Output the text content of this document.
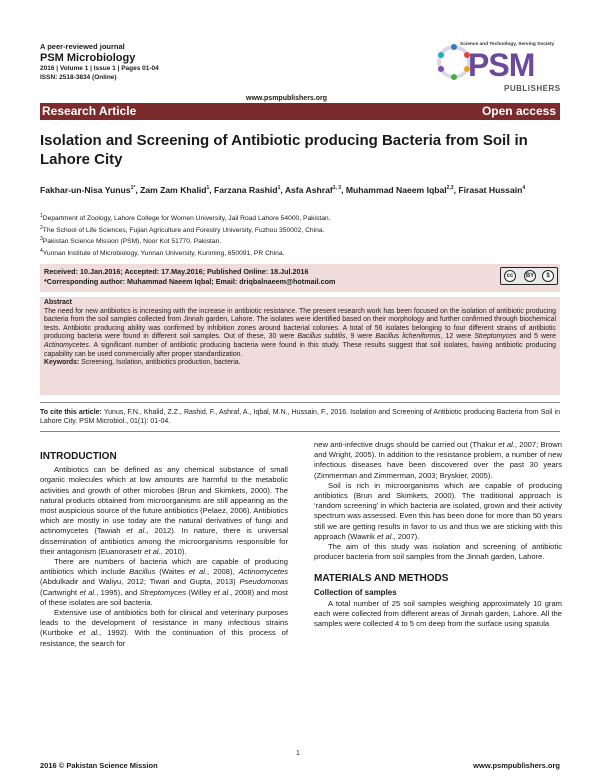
A peer-reviewed journal
PSM Microbiology
2016 | Volume 1 | Issue 1 | Pages 01-04
ISSN: 2518-3834 (Online)
Science and Technology, Serving Society
PSM
PUBLISHERS
www.psmpublishers.org
Research Article	Open access
Isolation and Screening of Antibiotic producing Bacteria from Soil in Lahore City
Fakhar-un-Nisa Yunus$^{1*}$, Zam Zam Khalid$^1$, Farzana Rashid$^1$, Asfa Ashraf$^{1, 3}$, Muhammad Naeem Iqbal$^{2,3}$, Firasat Hussain$^4$
$^1$Department of Zoology, Lahore College for Women University, Jail Road Lahore 54000, Pakistan.
$^2$The School of Life Sciences, Fujian Agriculture and Forestry University, Fuzhou 350002, China.
$^3$Pakistan Science Mission (PSM), Noor Kot 51770, Pakistan.
$^4$Yunnan Institute of Microbiology, Yunnan University, Kunming, 650091, PR China.
Received: 10.Jan.2016; Accepted: 17.May.2016; Published Online: 18.Jul.2016
*Corresponding author: Muhammad Naeem Iqbal; Email: driqbalnaeem@hotmail.com
cc	BY	$
Abstract
The need for new antibiotics is increasing with the increase in antibiotic resistance. The present research work has been focused on the isolation of antibiotic producing bacteria from the soil samples collected from Jinnah garden, Lahore. The isolates were identified based on their morphology and further confirmed through biochemical tests. Antibiotic producing ability was confirmed by inhibition zones around bacterial colonies. A total of 56 isolates belonging to four different strains of antibiotic producing bacteria were found in different soil samples. Out of these, 30 were Bacillus subtilis, 9 were Bacillus licheniformis, 12 were Streptomyces and 5 were Actinomycetes. A significant number of antibiotic producing bacteria were found in this study. These results suggest that soil isolates, having antibiotic producing capability can be used commercially after proper standardization.
Keywords: Screening, Isolation, antibiotics production, bacteria.
To cite this article: Yunus, F.N., Khalid, Z.Z., Rashid, F., Ashraf, A., Iqbal, M.N., Hussain, F., 2016. Isolation and Screening of Antibiotic producing Bacteria from Soil in Lahore City. PSM Microbiol., 01(1): 01-04.
INTRODUCTION

Antibiotics can be defined as any chemical substance of small organic molecules which at low amounts are harmful to the metabolic activities and growth of other microbes (Brun and Skimkets, 2000). The natural products obtained from microorganisms are still appearing as the most auspicious source of the future antibiotics (Pelaez, 2006). Antibiotics which are mostly in use today are the natural derivatives of fungi and actinomycetes (Tawiah et al., 2012). In nature, there is universal dissemination of antibiotics among the microorganisms responsible for their antagonism (Euanorasetr et al., 2010).

There are numbers of bacteria which are capable of producing antibiotics which include Bacillus (Waites et al., 2008), Actinomycetes (Abdulkadir and Waliyu, 2012; Tiwari and Gupta, 2013) Pseudomonas (Cartwright et al., 1995), and Streptomyces (Willey et al., 2008) and most of these isolates are soil bacteria.

Extensive use of antibiotics both for clinical and veterinary purposes leads to the development of resistance in many infectious strains (Kurtboke et al., 1992). With the continuation of this process of resistance, the search for

new anti-infective drugs should be carried out (Thakur et al., 2007; Brown and Wright, 2005). In addition to the resistance problem, a number of new infectious diseases have been discovered over the past 30 years (Zimmerman and Zimmerman, 2003; Bryskier, 2005).

Soil is rich in microorganisms which are capable of producing antibiotics (Brun and Skimkets, 2000). The traditional approach is ‘random screening’ in which bacteria are isolated, grown and their activity spectrum was assessed. Even this has been done for more than 50 years still we are getting results in favor to us and thus we are sticking with this approach (Wawrik et al., 2007).

The aim of this study was isolation and screening of antibiotic producer bacteria from soil samples from the Jinnah garden, Lahore.

MATERIALS AND METHODS
Collection of samples

A total number of 25 soil samples weighing approximately 10 gram each were collected from different areas of Jinnah garden, Lahore. All the samples were collected 4 to 5 cm deep from the surface using spatula

1
2016 © Pakistan Science Mission	www.psmpublishers.org
